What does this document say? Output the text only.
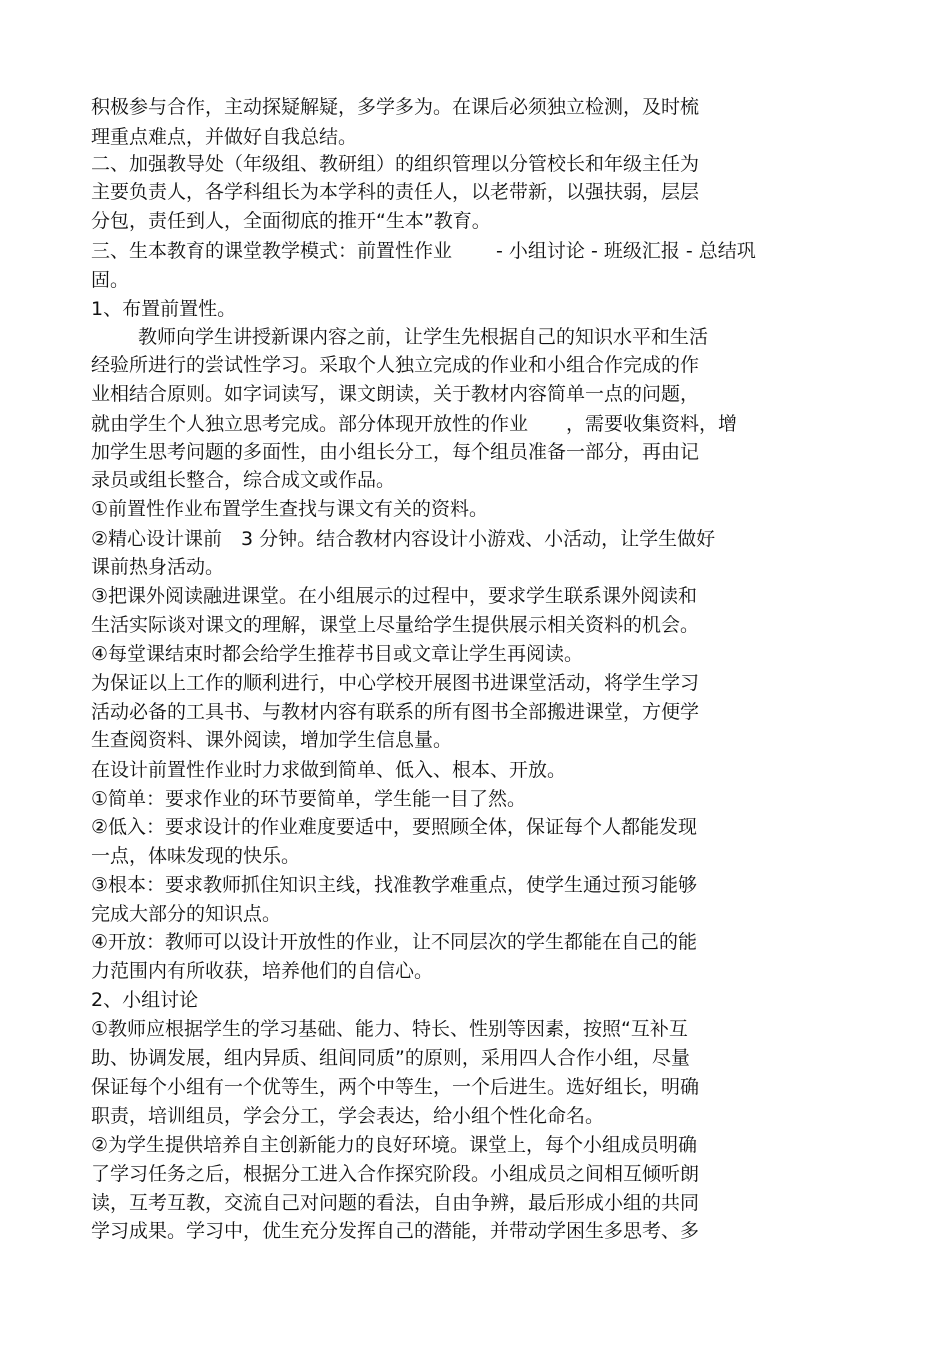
积极参与合作，主动探疑解疑，多学多为。在课后必须独立检测，及时梳
理重点难点，并做好自我总结。
二、加强教导处（年级组、教研组）的组织管理以分管校长和年级主任为
主要负责人，各学科组长为本学科的责任人，以老带新，以强扶弱，层层
分包，责任到人，全面彻底的推开“生本”教育。
三、生本教育的课堂教学模式：前置性作业　　 - 小组讨论 - 班级汇报 - 总结巩
固。
1、布置前置性。
教师向学生讲授新课内容之前，让学生先根据自己的知识水平和生活
经验所进行的尝试性学习。采取个人独立完成的作业和小组合作完成的作
业相结合原则。如字词读写，课文朗读，关于教材内容简单一点的问题，
就由学生个人独立思考完成。部分体现开放性的作业　　，需要收集资料，增
加学生思考问题的多面性，由小组长分工，每个组员准备一部分，再由记
录员或组长整合，综合成文或作品。
①前置性作业布置学生查找与课文有关的资料。
②精心设计课前　3 分钟。结合教材内容设计小游戏、小活动，让学生做好
课前热身活动。
③把课外阅读融进课堂。在小组展示的过程中，要求学生联系课外阅读和
生活实际谈对课文的理解，课堂上尽量给学生提供展示相关资料的机会。
④每堂课结束时都会给学生推荐书目或文章让学生再阅读。
为保证以上工作的顺利进行，中心学校开展图书进课堂活动，将学生学习
活动必备的工具书、与教材内容有联系的所有图书全部搬进课堂，方便学
生查阅资料、课外阅读，增加学生信息量。
在设计前置性作业时力求做到简单、低入、根本、开放。
①简单：要求作业的环节要简单，学生能一目了然。
②低入：要求设计的作业难度要适中，要照顾全体，保证每个人都能发现
一点，体味发现的快乐。
③根本：要求教师抓住知识主线，找准教学难重点，使学生通过预习能够
完成大部分的知识点。
④开放：教师可以设计开放性的作业，让不同层次的学生都能在自己的能
力范围内有所收获，培养他们的自信心。
2、小组讨论
①教师应根据学生的学习基础、能力、特长、性别等因素，按照“互补互
助、协调发展，组内异质、组间同质”的原则，采用四人合作小组，尽量
保证每个小组有一个优等生，两个中等生，一个后进生。选好组长，明确
职责，培训组员，学会分工，学会表达，给小组个性化命名。
②为学生提供培养自主创新能力的良好环境。课堂上，每个小组成员明确
了学习任务之后，根据分工进入合作探究阶段。小组成员之间相互倾听朗
读，互考互教，交流自己对问题的看法，自由争辨，最后形成小组的共同
学习成果。学习中，优生充分发挥自己的潜能，并带动学困生多思考、多
